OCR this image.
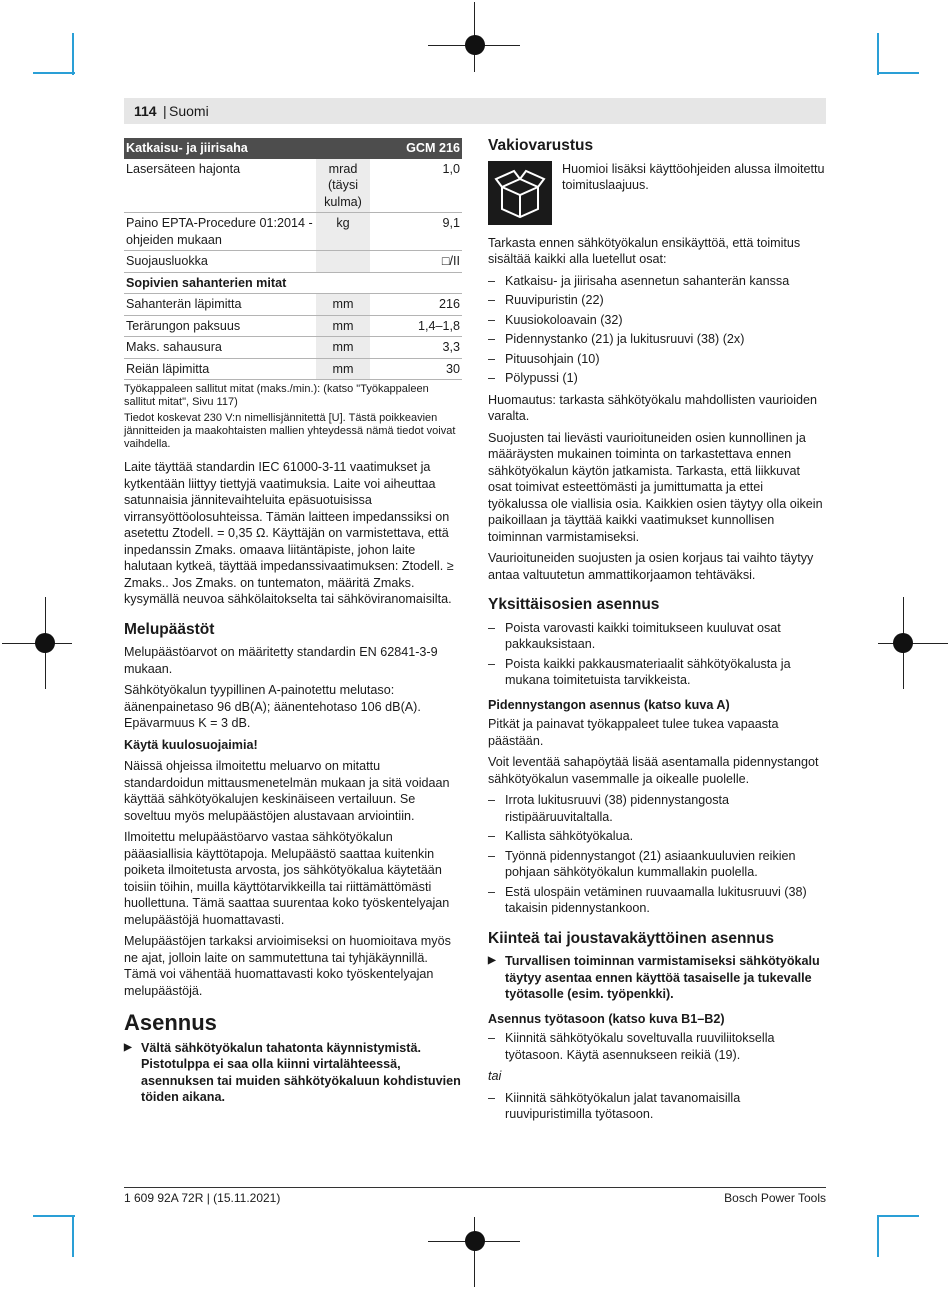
114 | Suomi
Katkaisu- ja jiirisaha		GCM 216
Lasersäteen hajonta	mrad (täysi kulma)	1,0
Paino EPTA-Procedure 01:2014 -ohjeiden mukaan	kg	9,1
Suojausluokka		□/II
Sopivien sahanterien mitat		
Sahanterän läpimitta	mm	216
Terärungon paksuus	mm	1,4–1,8
Maks. sahausura	mm	3,3
Reiän läpimitta	mm	30
Työkappaleen sallitut mitat (maks./min.): (katso "Työkappaleen sallitut mitat", Sivu 117)
Tiedot koskevat 230 V:n nimellisjännitettä [U]. Tästä poikkeavien jännitteiden ja maakohtaisten mallien yhteydessä nämä tiedot voivat vaihdella.

Laite täyttää standardin IEC 61000-3-11 vaatimukset ja kytkentään liittyy tiettyjä vaatimuksia. Laite voi aiheuttaa satunnaisia jännitevaihteluita epäsuotuisissa virransyöttöolosuhteissa. Tämän laitteen impedanssiksi on asetettu Ztodell. = 0,35 Ω. Käyttäjän on varmistettava, että inpedanssin Zmaks. omaava liitäntäpiste, johon laite halutaan kytkeä, täyttää impedanssivaatimuksen: Ztodell. ≥ Zmaks.. Jos Zmaks. on tuntematon, määritä Zmaks. kysymällä neuvoa sähkölaitokselta tai sähköviranomaisilta.

Melupäästöt

Melupäästöarvot on määritetty standardin EN 62841-3-9 mukaan.

Sähkötyökalun tyypillinen A-painotettu melutaso: äänenpainetaso 96 dB(A); äänentehotaso 106 dB(A). Epävarmuus K = 3 dB.

Käytä kuulosuojaimia!

Näissä ohjeissa ilmoitettu meluarvo on mitattu standardoidun mittausmenetelmän mukaan ja sitä voidaan käyttää sähkötyökalujen keskinäiseen vertailuun. Se soveltuu myös melupäästöjen alustavaan arviointiin.

Ilmoitettu melupäästöarvo vastaa sähkötyökalun pääasiallisia käyttötapoja. Melupäästö saattaa kuitenkin poiketa ilmoitetusta arvosta, jos sähkötyökalua käytetään toisiin töihin, muilla käyttötarvikkeilla tai riittämättömästi huollettuna. Tämä saattaa suurentaa koko työskentelyajan melupäästöjä huomattavasti.

Melupäästöjen tarkaksi arvioimiseksi on huomioitava myös ne ajat, jolloin laite on sammutettuna tai tyhjäkäynnillä. Tämä voi vähentää huomattavasti koko työskentelyajan melupäästöjä.

Asennus
▶ Vältä sähkötyökalun tahatonta käynnistymistä. Pistotulppa ei saa olla kiinni virtalähteessä, asennuksen tai muiden sähkötyökaluun kohdistuvien töiden aikana.
Vakiovarustus
Huomioi lisäksi käyttöohjeiden alussa ilmoitettu toimituslaajuus.

Tarkasta ennen sähkötyökalun ensikäyttöä, että toimitus sisältää kaikki alla luetellut osat:

– Katkaisu- ja jiirisaha asennetun sahanterän kanssa
– Ruuvipuristin (22)
– Kuusiokoloavain (32)
– Pidennystanko (21) ja lukitusruuvi (38) (2x)
– Pituusohjain (10)
– Pölypussi (1)

Huomautus: tarkasta sähkötyökalu mahdollisten vaurioiden varalta.

Suojusten tai lievästi vaurioituneiden osien kunnollinen ja määräysten mukainen toiminta on tarkastettava ennen sähkötyökalun käytön jatkamista. Tarkasta, että liikkuvat osat toimivat esteettömästi ja jumittumatta ja ettei työkalussa ole viallisia osia. Kaikkien osien täytyy olla oikein paikoillaan ja täyttää kaikki vaatimukset kunnollisen toiminnan varmistamiseksi.

Vaurioituneiden suojusten ja osien korjaus tai vaihto täytyy antaa valtuutetun ammattikorjaamon tehtäväksi.

Yksittäisosien asennus
– Poista varovasti kaikki toimitukseen kuuluvat osat pakkauksistaan.
– Poista kaikki pakkausmateriaalit sähkötyökalusta ja mukana toimitetuista tarvikkeista.
Pidennystangon asennus (katso kuva A)

Pitkät ja painavat työkappaleet tulee tukea vapaasta päästään.

Voit leventää sahapöytää lisää asentamalla pidennystangot sähkötyökalun vasemmalle ja oikealle puolelle.

– Irrota lukitusruuvi (38) pidennystangosta ristipääruuvitaltalla.
– Kallista sähkötyökalua.
– Työnnä pidennystangot (21) asiaankuuluvien reikien pohjaan sähkötyökalun kummallakin puolella.
– Estä ulospäin vetäminen ruuvaamalla lukitusruuvi (38) takaisin pidennystankoon.
Kiinteä tai joustavakäyttöinen asennus
▶ Turvallisen toiminnan varmistamiseksi sähkötyökalu täytyy asentaa ennen käyttöä tasaiselle ja tukevalle työtasolle (esim. työpenkki).
Asennus työtasoon (katso kuva B1–B2)
– Kiinnitä sähkötyökalu soveltuvalla ruuviliitoksella työtasoon. Käytä asennukseen reikiä (19).

tai

– Kiinnitä sähkötyökalun jalat tavanomaisilla ruuvipuristimilla työtasoon.
1 609 92A 72R | (15.11.2021)	Bosch Power Tools
